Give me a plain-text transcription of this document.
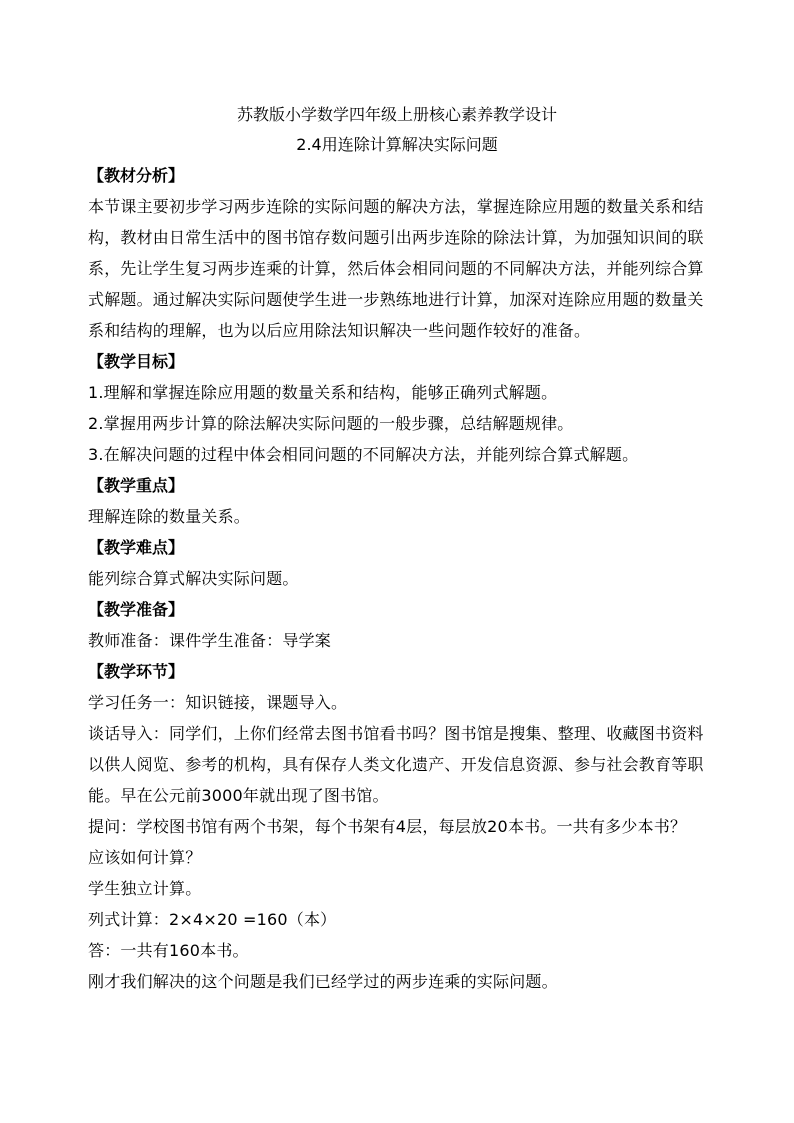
苏教版小学数学四年级上册核心素养教学设计

2.4用连除计算解决实际问题

【教材分析】

本节课主要初步学习两步连除的实际问题的解决方法，掌握连除应用题的数量关系和结

构，教材由日常生活中的图书馆存数问题引出两步连除的除法计算，为加强知识间的联

系，先让学生复习两步连乘的计算，然后体会相同问题的不同解决方法，并能列综合算

式解题。通过解决实际问题使学生进一步熟练地进行计算，加深对连除应用题的数量关

系和结构的理解，也为以后应用除法知识解决一些问题作较好的准备。

【教学目标】

1.理解和掌握连除应用题的数量关系和结构，能够正确列式解题。

2.掌握用两步计算的除法解决实际问题的一般步骤，总结解题规律。

3.在解决问题的过程中体会相同问题的不同解决方法，并能列综合算式解题。

【教学重点】

理解连除的数量关系。

【教学难点】

能列综合算式解决实际问题。

【教学准备】

教师准备：课件学生准备：导学案

【教学环节】

学习任务一：知识链接，课题导入。

谈话导入：同学们，上你们经常去图书馆看书吗？图书馆是搜集、整理、收藏图书资料

以供人阅览、参考的机构，具有保存人类文化遗产、开发信息资源、参与社会教育等职

能。早在公元前3000年就出现了图书馆。

提问：学校图书馆有两个书架，每个书架有4层，每层放20本书。一共有多少本书？

应该如何计算？

学生独立计算。

列式计算：2×4×20 =160（本）

答：一共有160本书。

刚才我们解决的这个问题是我们已经学过的两步连乘的实际问题。
